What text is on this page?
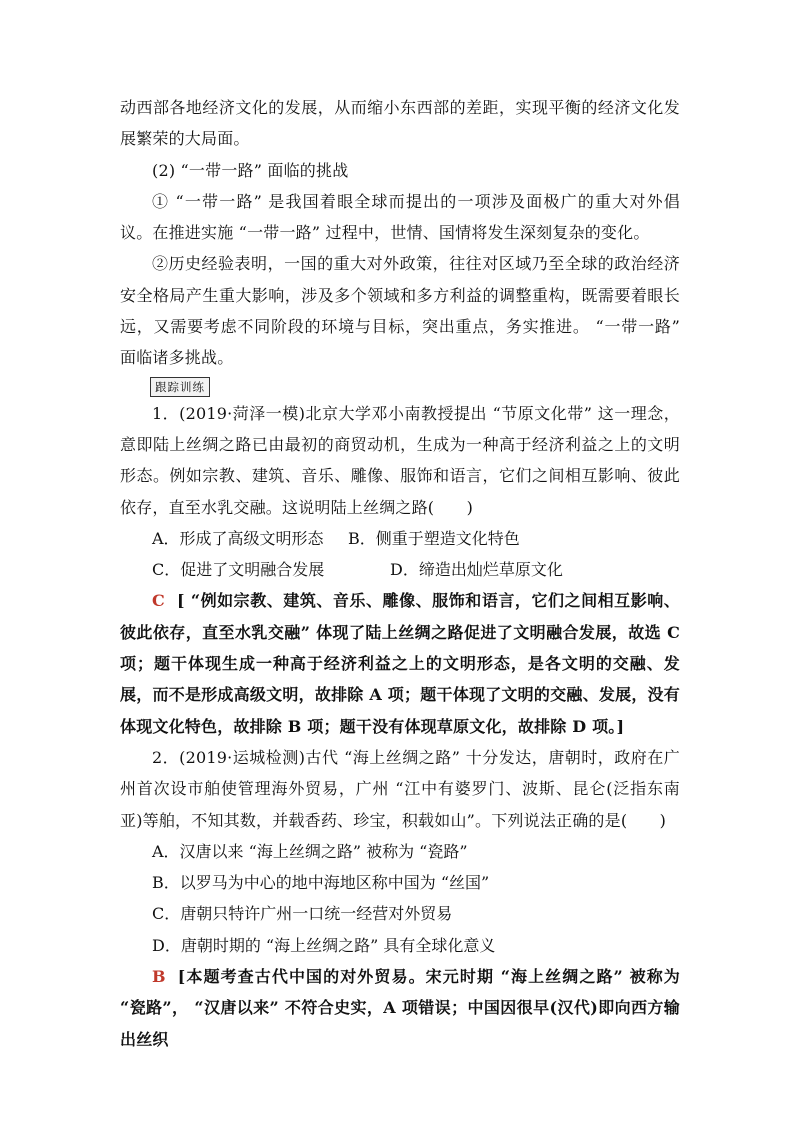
动西部各地经济文化的发展，从而缩小东西部的差距，实现平衡的经济文化发展繁荣的大局面。

(2) “一带一路” 面临的挑战

① “一带一路” 是我国着眼全球而提出的一项涉及面极广的重大对外倡议。在推进实施 “一带一路” 过程中，世情、国情将发生深刻复杂的变化。

②历史经验表明，一国的重大对外政策，往往对区域乃至全球的政治经济安全格局产生重大影响，涉及多个领域和多方利益的调整重构，既需要着眼长远，又需要考虑不同阶段的环境与目标，突出重点，务实推进。 “一带一路” 面临诸多挑战。

跟踪训练

1．(2019·菏泽一模)北京大学邓小南教授提出 “节原文化带” 这一理念，意即陆上丝绸之路已由最初的商贸动机，生成为一种高于经济利益之上的文明形态。例如宗教、建筑、音乐、雕像、服饰和语言，它们之间相互影响、彼此依存，直至水乳交融。这说明陆上丝绸之路(　　)

A．形成了高级文明形态 B．侧重于塑造文化特色
C．促进了文明融合发展	D．缔造出灿烂草原文化

C [ “例如宗教、建筑、音乐、雕像、服饰和语言，它们之间相互影响、彼此依存，直至水乳交融” 体现了陆上丝绸之路促进了文明融合发展，故选 C 项；题干体现生成一种高于经济利益之上的文明形态，是各文明的交融、发展，而不是形成高级文明，故排除 A 项；题干体现了文明的交融、发展，没有体现文化特色，故排除 B 项；题干没有体现草原文化，故排除 D 项。]

2．(2019·运城检测)古代 “海上丝绸之路” 十分发达，唐朝时，政府在广州首次设市舶使管理海外贸易，广州 “江中有婆罗门、波斯、昆仑(泛指东南亚)等舶，不知其数，并载香药、珍宝，积载如山”。下列说法正确的是(　　)

A．汉唐以来 “海上丝绸之路” 被称为 “瓷路”
B．以罗马为中心的地中海地区称中国为 “丝国”
C．唐朝只特许广州一口统一经营对外贸易
D．唐朝时期的 “海上丝绸之路” 具有全球化意义

B [本题考查古代中国的对外贸易。宋元时期 “海上丝绸之路” 被称为 “瓷路”， “汉唐以来” 不符合史实，A 项错误；中国因很早(汉代)即向西方输出丝织
